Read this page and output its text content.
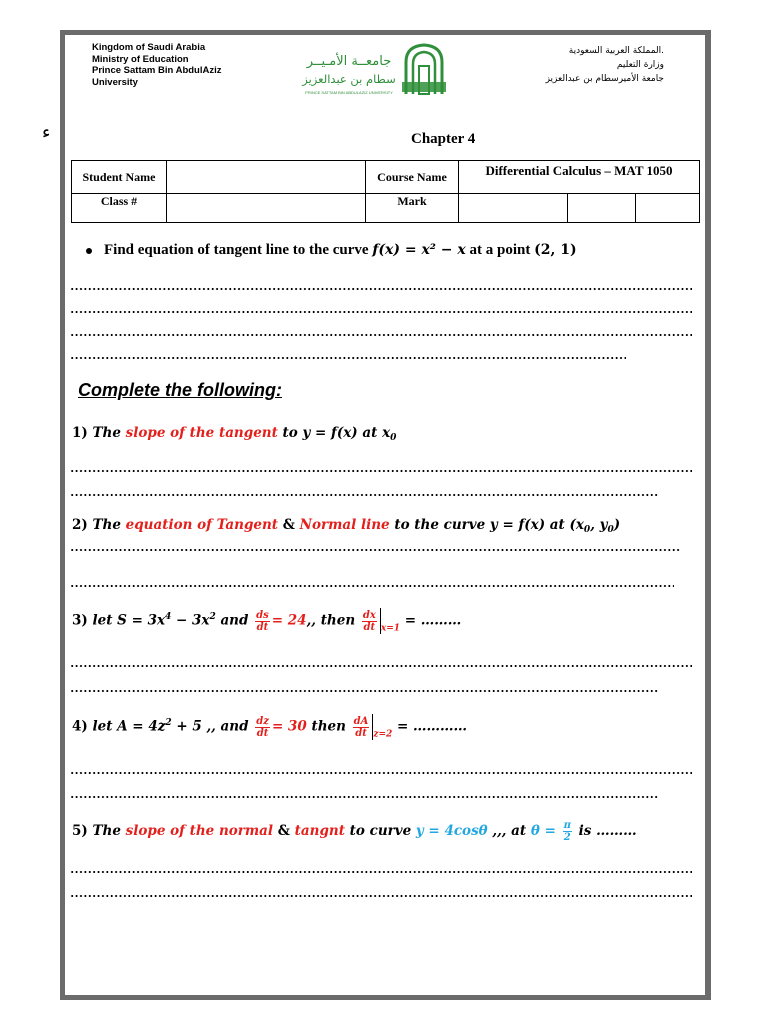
ء
Kingdom of Saudi Arabia
Ministry of Education
Prince Sattam Bin AbdulAziz
University
جامعــة الأمـيــر
سطام بن عبدالعزيز
PRINCE SATTAM BIN ABDULAZIZ UNIVERSITY
.المملكة العربية السعودية
وزارة التعليم
جامعة الأميرسطام بن عبدالعزيز
Chapter 4
Student Name		Course Name	Differential Calculus – MAT 1050		
Class #		Mark			
Find equation of tangent line to the curve f(x) = x² − x at a point (2, 1)
Complete the following:
1) The slope of the tangent to y = f(x) at $x_0$
2) The equation of Tangent & Normal line to the curve y = f(x) at ($x_0$, $y_0$)
3) let $S = 3x^4 - 3x^2$ and $\frac{ds}{dt} = 24$,, then $\frac{dx}{dt} _{x=1}$ = ………
4) let $A = 4z^2 + 5$ ,, and $\frac{dz}{dt} = 30$ then $\frac{dA}{dt} _{z=2}$ = …………
5) The slope of the normal & tangnt to curve y = 4cosθ ,,, at $\theta = \frac{\pi}{2}$ is ………
